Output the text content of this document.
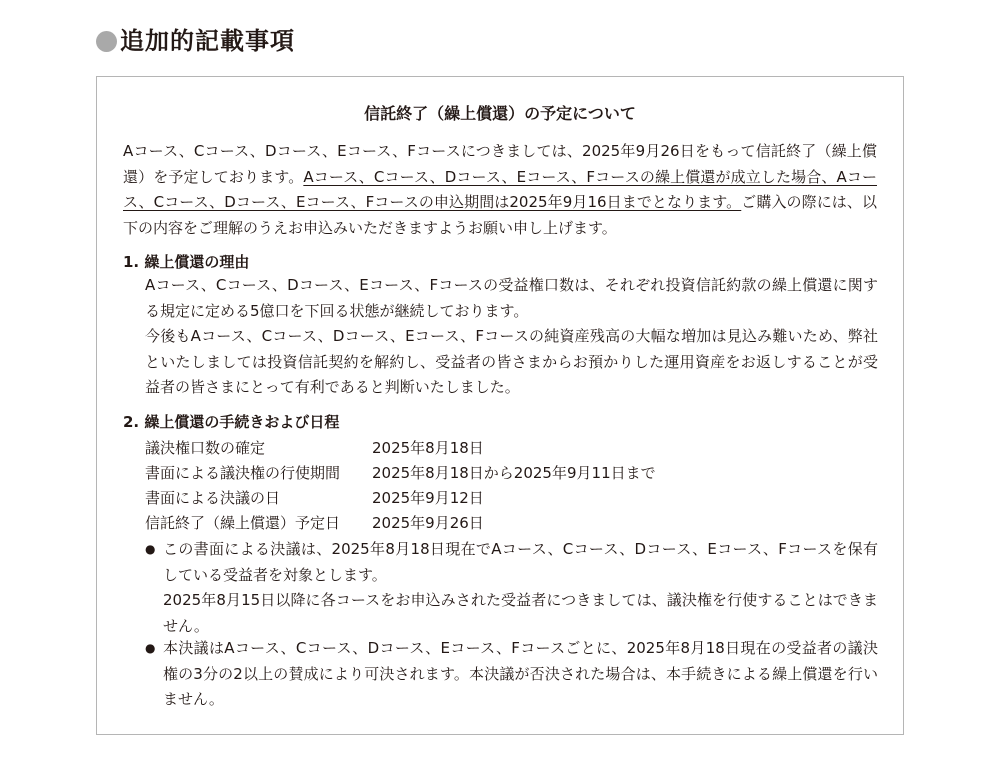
追加的記載事項
信託終了（繰上償還）の予定について

Aコース、Cコース、Dコース、Eコース、Fコースにつきましては、2025年9月26日をもって信託終了（繰上償還）を予定しております。Aコース、Cコース、Dコース、Eコース、Fコースの繰上償還が成立した場合、Aコース、Cコース、Dコース、Eコース、Fコースの申込期間は2025年9月16日までとなります。ご購入の際には、以下の内容をご理解のうえお申込みいただきますようお願い申し上げます。

1. 繰上償還の理由

Aコース、Cコース、Dコース、Eコース、Fコースの受益権口数は、それぞれ投資信託約款の繰上償還に関する規定に定める5億口を下回る状態が継続しております。

今後もAコース、Cコース、Dコース、Eコース、Fコースの純資産残高の大幅な増加は見込み難いため、弊社といたしましては投資信託契約を解約し、受益者の皆さまからお預かりした運用資産をお返しすることが受益者の皆さまにとって有利であると判断いたしました。

2. 繰上償還の手続きおよび日程
議決権口数の確定	2025年8月18日
書面による議決権の行使期間 2025年8月18日から2025年9月11日まで
書面による決議の日	2025年9月12日
信託終了（繰上償還）予定日 2025年9月26日
● この書面による決議は、2025年8月18日現在でAコース、Cコース、Dコース、Eコース、Fコースを保有している受益者を対象とします。
2025年8月15日以降に各コースをお申込みされた受益者につきましては、議決権を行使することはできません。
● 本決議はAコース、Cコース、Dコース、Eコース、Fコースごとに、2025年8月18日現在の受益者の議決権の3分の2以上の賛成により可決されます。本決議が否決された場合は、本手続きによる繰上償還を行いません。
